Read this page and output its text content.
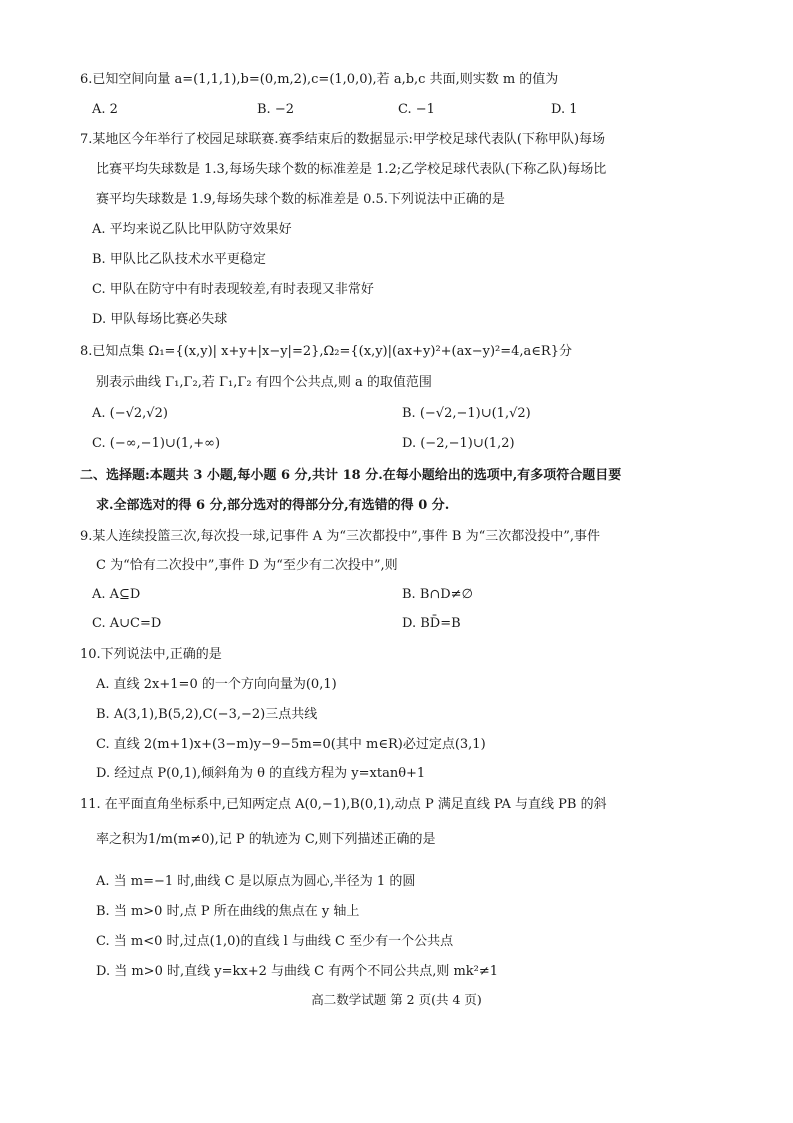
6.已知空间向量 a=(1,1,1),b=(0,m,2),c=(1,0,0),若 a,b,c 共面,则实数 m 的值为
A. 2	B. −2	C. −1	D. 1
7.某地区今年举行了校园足球联赛.赛季结束后的数据显示:甲学校足球代表队(下称甲队)每场
比赛平均失球数是 1.3,每场失球个数的标准差是 1.2;乙学校足球代表队(下称乙队)每场比
赛平均失球数是 1.9,每场失球个数的标准差是 0.5.下列说法中正确的是
A. 平均来说乙队比甲队防守效果好
B. 甲队比乙队技术水平更稳定
C. 甲队在防守中有时表现较差,有时表现又非常好
D. 甲队每场比赛必失球
8.已知点集 Ω₁={(x,y)| x+y+|x−y|=2},Ω₂={(x,y)|(ax+y)²+(ax−y)²=4,a∈R}分
别表示曲线 Γ₁,Γ₂,若 Γ₁,Γ₂ 有四个公共点,则 a 的取值范围
A. (−√2,√2)	B. (−√2,−1)∪(1,√2)
C. (−∞,−1)∪(1,+∞)	D. (−2,−1)∪(1,2)
二、选择题:本题共 3 小题,每小题 6 分,共计 18 分.在每小题给出的选项中,有多项符合题目要
求.全部选对的得 6 分,部分选对的得部分分,有选错的得 0 分.
9.某人连续投篮三次,每次投一球,记事件 A 为“三次都投中”,事件 B 为“三次都没投中”,事件
C 为“恰有二次投中”,事件 D 为“至少有二次投中”,则
A. A⊆D	B. B∩D≠∅
C. A∪C=D	D. BD̄=B
10.下列说法中,正确的是
A. 直线 2x+1=0 的一个方向向量为(0,1)
B. A(3,1),B(5,2),C(−3,−2)三点共线
C. 直线 2(m+1)x+(3−m)y−9−5m=0(其中 m∈R)必过定点(3,1)
D. 经过点 P(0,1),倾斜角为 θ 的直线方程为 y=xtanθ+1
11. 在平面直角坐标系中,已知两定点 A(0,−1),B(0,1),动点 P 满足直线 PA 与直线 PB 的斜
率之积为1/m(m≠0),记 P 的轨迹为 C,则下列描述正确的是
A. 当 m=−1 时,曲线 C 是以原点为圆心,半径为 1 的圆
B. 当 m>0 时,点 P 所在曲线的焦点在 y 轴上
C. 当 m<0 时,过点(1,0)的直线 l 与曲线 C 至少有一个公共点
D. 当 m>0 时,直线 y=kx+2 与曲线 C 有两个不同公共点,则 mk²≠1
高二数学试题 第 2 页(共 4 页)
